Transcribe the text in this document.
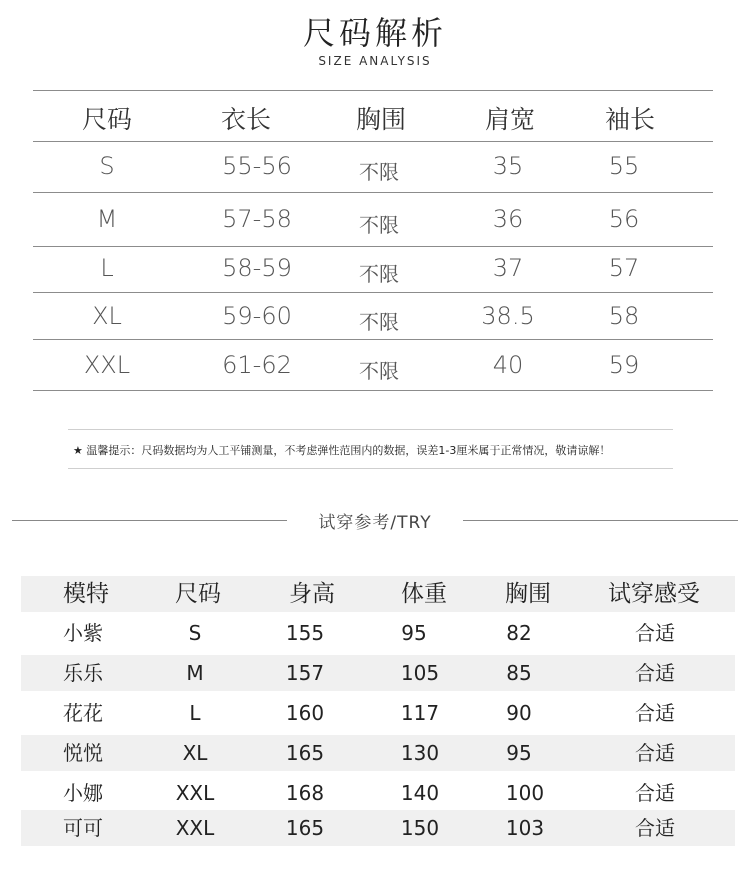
尺码解析
SIZE ANALYSIS
尺码	衣长	胸围	肩宽	袖长
S	55-56	不限	35	55
M	57-58	不限	36	56
L	58-59	不限	37	57
XL	59-60	不限	38.5	58
XXL	61-62	不限	40	59
★ 温馨提示：尺码数据均为人工平铺测量，不考虑弹性范围内的数据，误差1-3厘米属于正常情况，敬请谅解！
试穿参考/TRY
模特	尺码	身高	体重	胸围 试穿感受
小紫	S	155	95	82	合适
乐乐	M	157	105	85	合适
花花	L	160	117	90	合适
悦悦	XL	165	130	95	合适
小娜	XXL	168	140	100	合适
可可	XXL	165	150	103	合适
